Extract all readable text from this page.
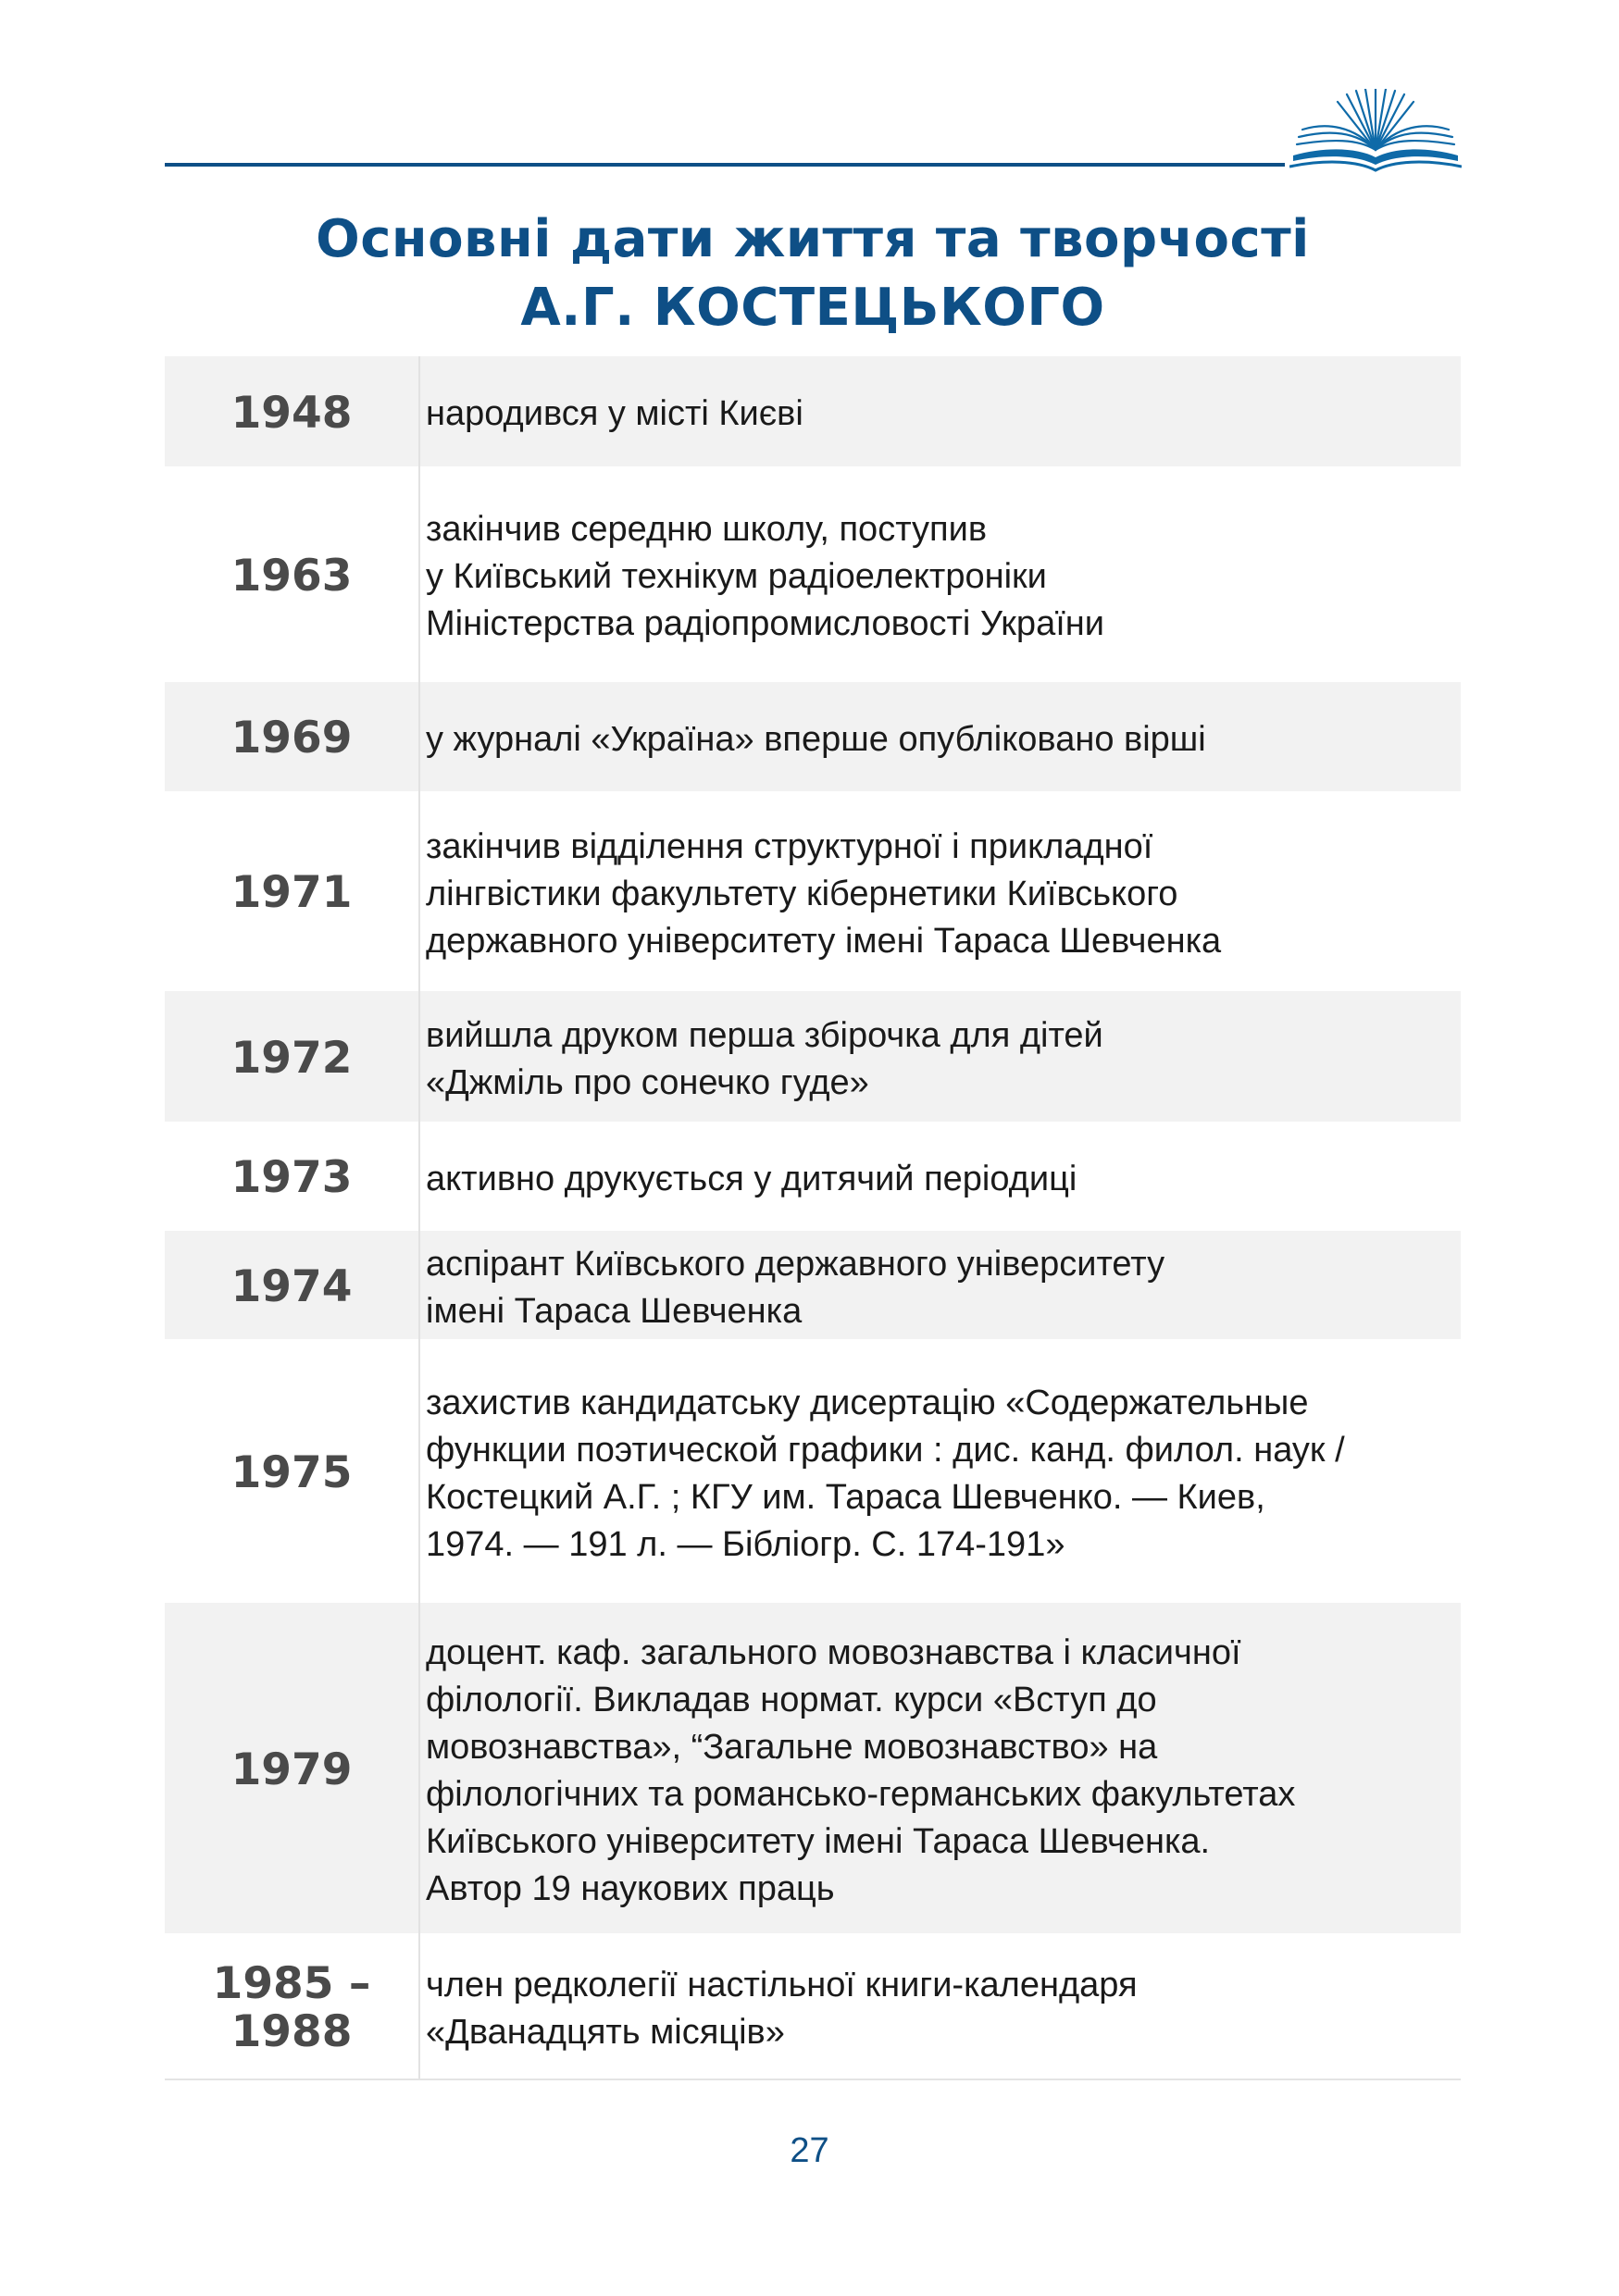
Основні дати життя та творчості
А.Г. КОСТЕЦЬКОГО
1948 народився у місті Києві
1963
закінчив середню школу, поступив
у Київський технікум радіоелектроніки
Міністерства радіопромисловості України
1969 у журналі «Україна» вперше опубліковано вірші
1971
закінчив відділення структурної і прикладної
лінгвістики факультету кібернетики Київського
державного університету імені Тараса Шевченка
1972 вийшла друком перша збірочка для дітей
«Джміль про сонечко гуде»
1973 активно друкується у дитячий періодиці
1974 аспірант Київського державного університету
імені Тараса Шевченка
1975
захистив кандидатську дисертацію «Содержательные
функции поэтической графики : дис. канд. филол. наук /
Костецкий А.Г. ; КГУ им. Тараса Шевченко. — Киев,
1974. — 191 л. — Бібліогр. С. 174-191»
1979
доцент. каф. загального мовознавства і класичної
філології. Викладав нормат. курси «Вступ до
мовознавства», “Загальне мовознавство» на
філологічних та романсько-германських факультетах
Київського університету імені Тараса Шевченка.
Автор 19 наукових праць
1985 –
1988
член редколегії настільної книги-календаря
«Дванадцять місяців»
27
